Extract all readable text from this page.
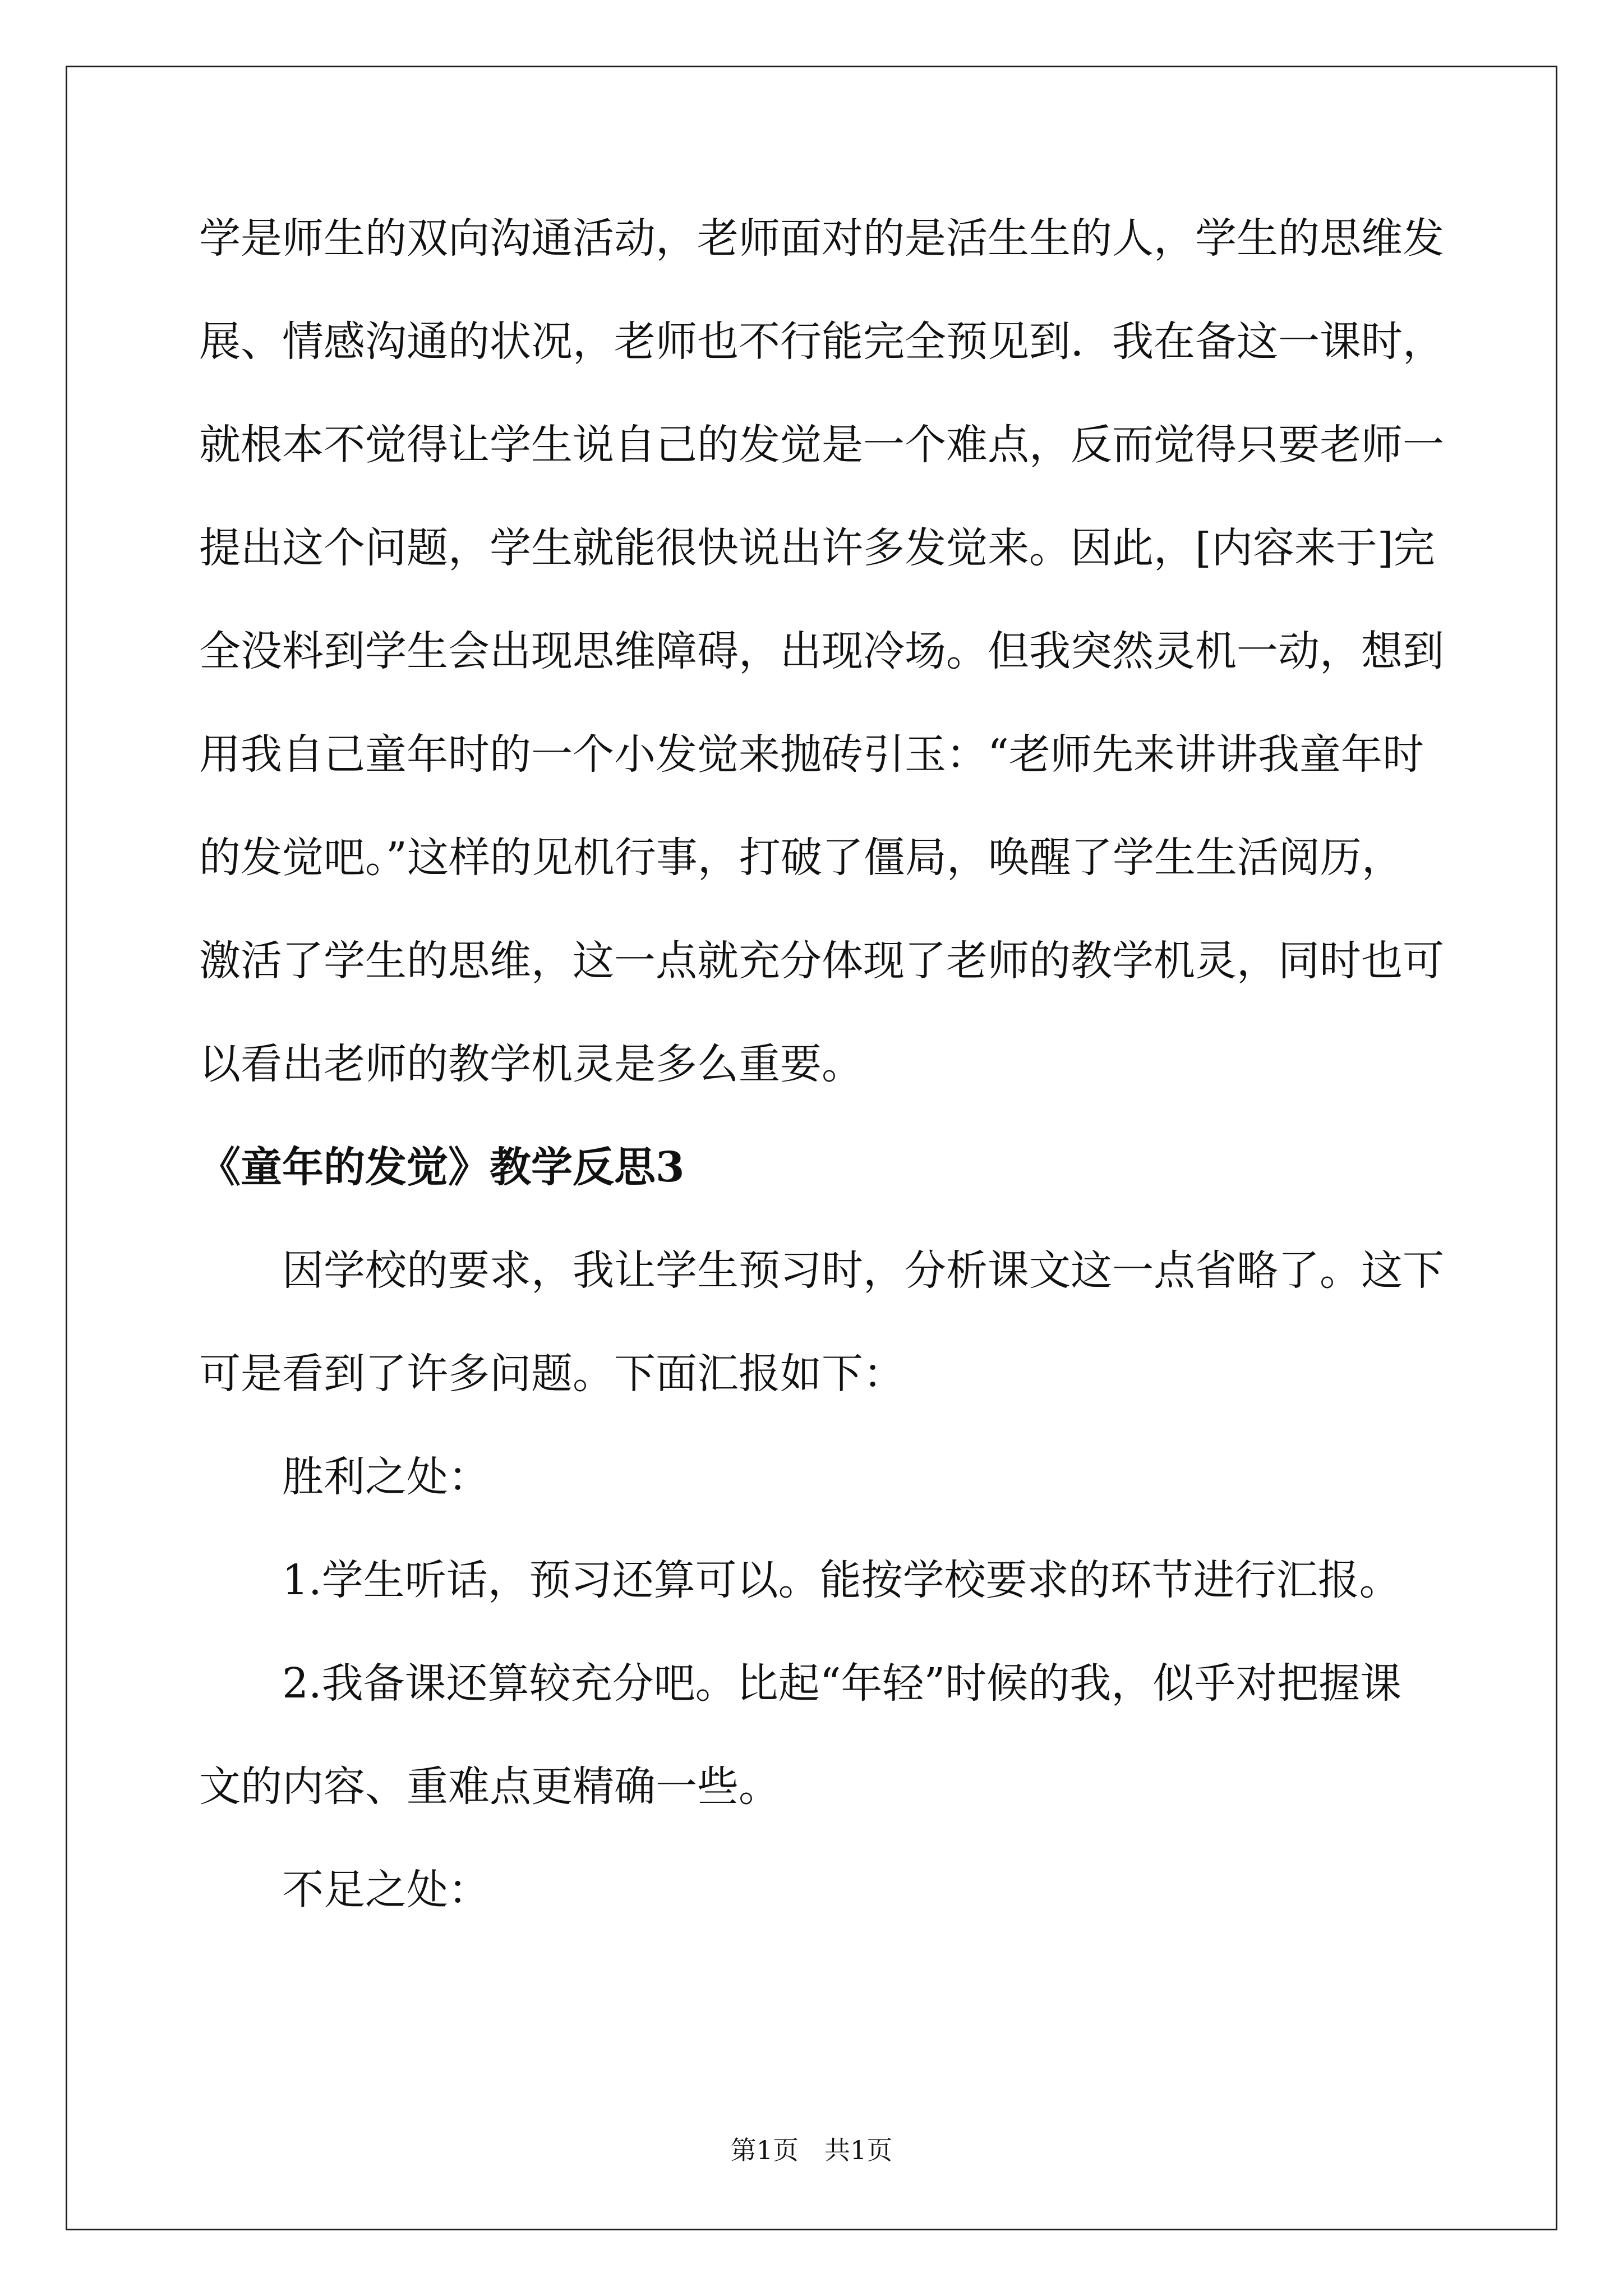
学是师生的双向沟通活动，老师面对的是活生生的人，学生的思维发

展、情感沟通的状况，老师也不行能完全预见到．我在备这一课时，

就根本不觉得让学生说自己的发觉是一个难点，反而觉得只要老师一

提出这个问题，学生就能很快说出许多发觉来。因此，[内容来于]完

全没料到学生会出现思维障碍，出现冷场。但我突然灵机一动，想到

用我自己童年时的一个小发觉来抛砖引玉：“老师先来讲讲我童年时

的发觉吧。”这样的见机行事，打破了僵局，唤醒了学生生活阅历，

激活了学生的思维，这一点就充分体现了老师的教学机灵，同时也可

以看出老师的教学机灵是多么重要。

《童年的发觉》教学反思3

因学校的要求，我让学生预习时，分析课文这一点省略了。这下

可是看到了许多问题。下面汇报如下：

胜利之处：

1.学生听话，预习还算可以。能按学校要求的环节进行汇报。

2.我备课还算较充分吧。比起“年轻”时候的我，似乎对把握课

文的内容、重难点更精确一些。

不足之处：

第1页　共1页
